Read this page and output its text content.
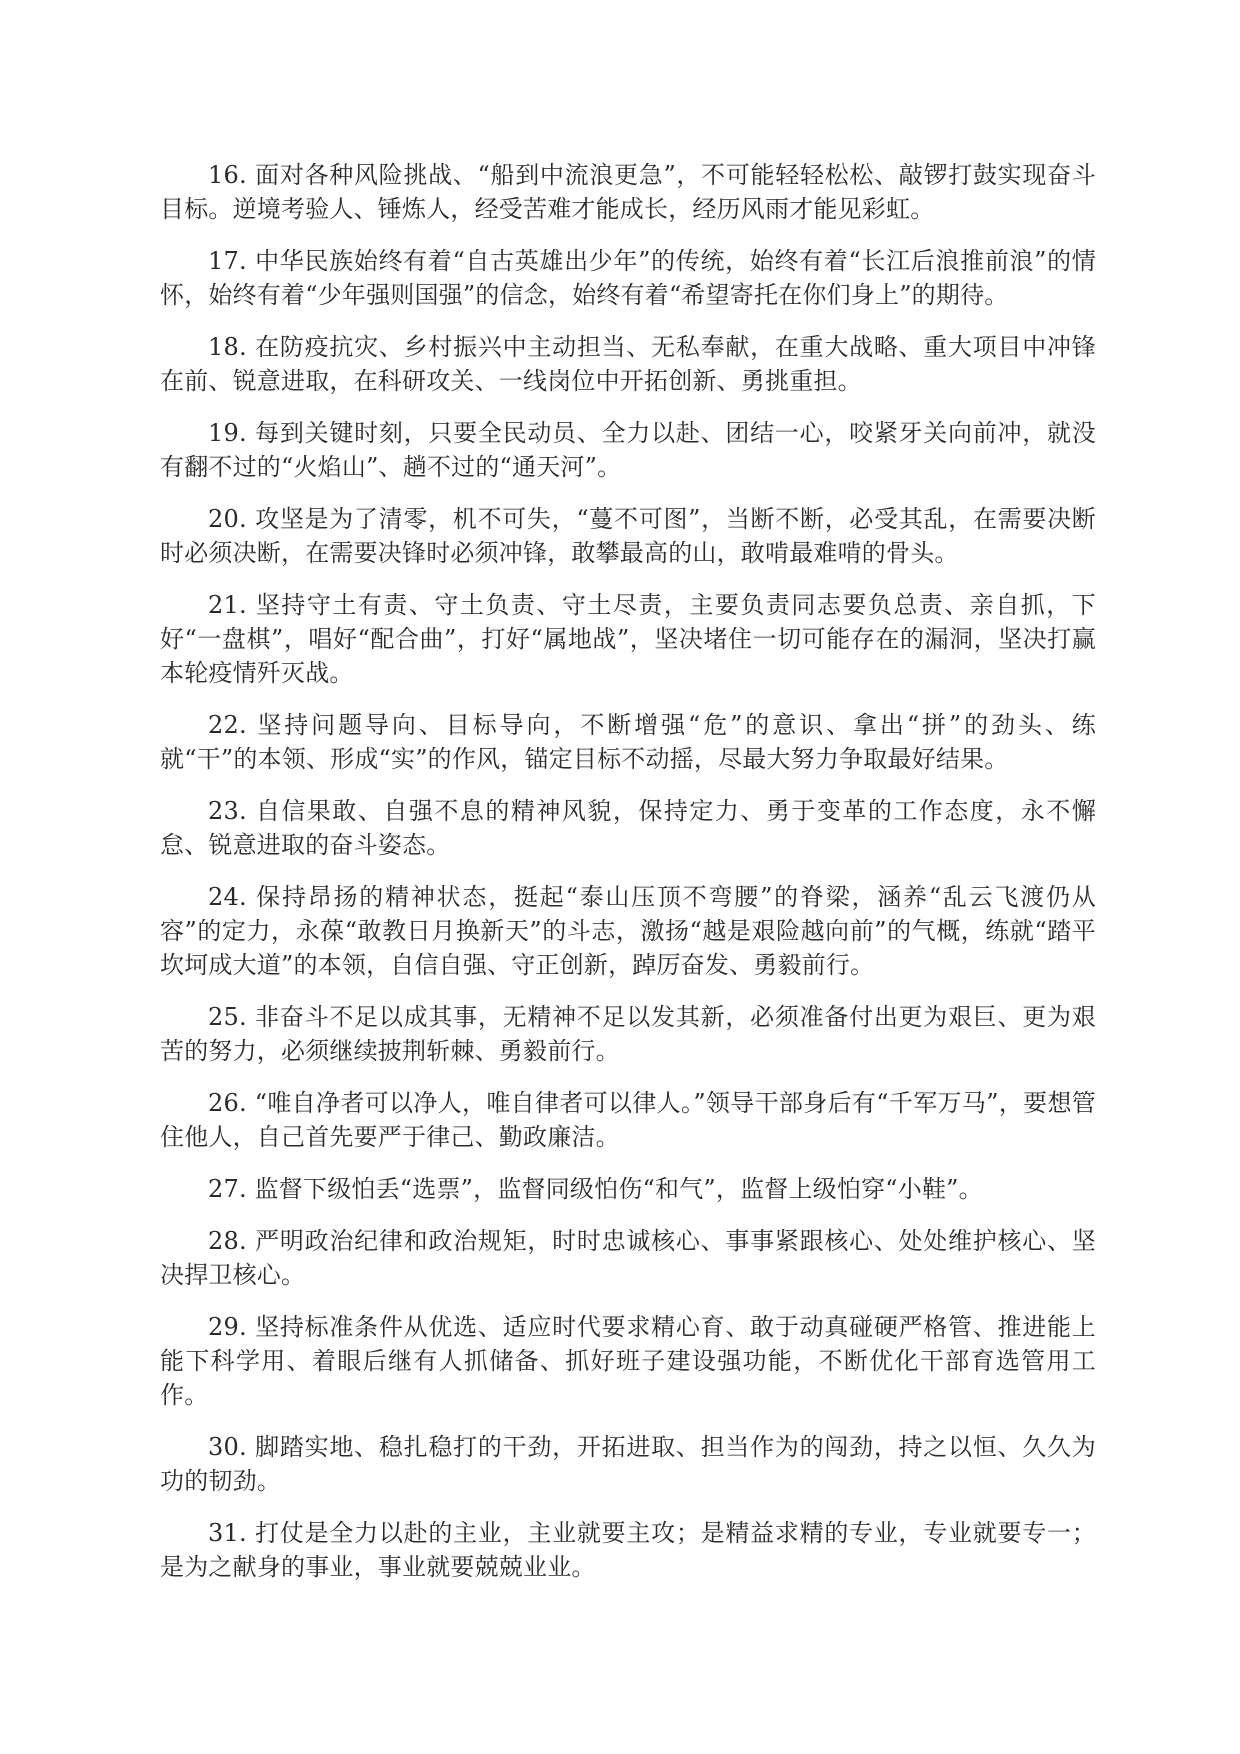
16. 面对各种风险挑战、“船到中流浪更急”，不可能轻轻松松、敲锣打鼓实现奋斗目标。逆境考验人、锤炼人，经受苦难才能成长，经历风雨才能见彩虹。

17. 中华民族始终有着“自古英雄出少年”的传统，始终有着“长江后浪推前浪”的情怀，始终有着“少年强则国强”的信念，始终有着“希望寄托在你们身上”的期待。

18. 在防疫抗灾、乡村振兴中主动担当、无私奉献，在重大战略、重大项目中冲锋在前、锐意进取，在科研攻关、一线岗位中开拓创新、勇挑重担。

19. 每到关键时刻，只要全民动员、全力以赴、团结一心，咬紧牙关向前冲，就没有翻不过的“火焰山”、趟不过的“通天河”。

20. 攻坚是为了清零，机不可失，“蔓不可图”，当断不断，必受其乱，在需要决断时必须决断，在需要决锋时必须冲锋，敢攀最高的山，敢啃最难啃的骨头。

21. 坚持守土有责、守土负责、守土尽责，主要负责同志要负总责、亲自抓，下好“一盘棋”，唱好“配合曲”，打好“属地战”，坚决堵住一切可能存在的漏洞，坚决打赢本轮疫情歼灭战。

22. 坚持问题导向、目标导向，不断增强“危”的意识、拿出“拼”的劲头、练就“干”的本领、形成“实”的作风，锚定目标不动摇，尽最大努力争取最好结果。

23. 自信果敢、自强不息的精神风貌，保持定力、勇于变革的工作态度，永不懈怠、锐意进取的奋斗姿态。

24. 保持昂扬的精神状态，挺起“泰山压顶不弯腰”的脊梁，涵养“乱云飞渡仍从容”的定力，永葆“敢教日月换新天”的斗志，激扬“越是艰险越向前”的气概，练就“踏平坎坷成大道”的本领，自信自强、守正创新，踔厉奋发、勇毅前行。

25. 非奋斗不足以成其事，无精神不足以发其新，必须准备付出更为艰巨、更为艰苦的努力，必须继续披荆斩棘、勇毅前行。

26. “唯自净者可以净人，唯自律者可以律人。”领导干部身后有“千军万马”，要想管住他人，自己首先要严于律己、勤政廉洁。

27. 监督下级怕丢“选票”，监督同级怕伤“和气”，监督上级怕穿“小鞋”。

28. 严明政治纪律和政治规矩，时时忠诚核心、事事紧跟核心、处处维护核心、坚决捍卫核心。

29. 坚持标准条件从优选、适应时代要求精心育、敢于动真碰硬严格管、推进能上能下科学用、着眼后继有人抓储备、抓好班子建设强功能，不断优化干部育选管用工作。

30. 脚踏实地、稳扎稳打的干劲，开拓进取、担当作为的闯劲，持之以恒、久久为功的韧劲。

31. 打仗是全力以赴的主业，主业就要主攻；是精益求精的专业，专业就要专一；是为之献身的事业，事业就要兢兢业业。
